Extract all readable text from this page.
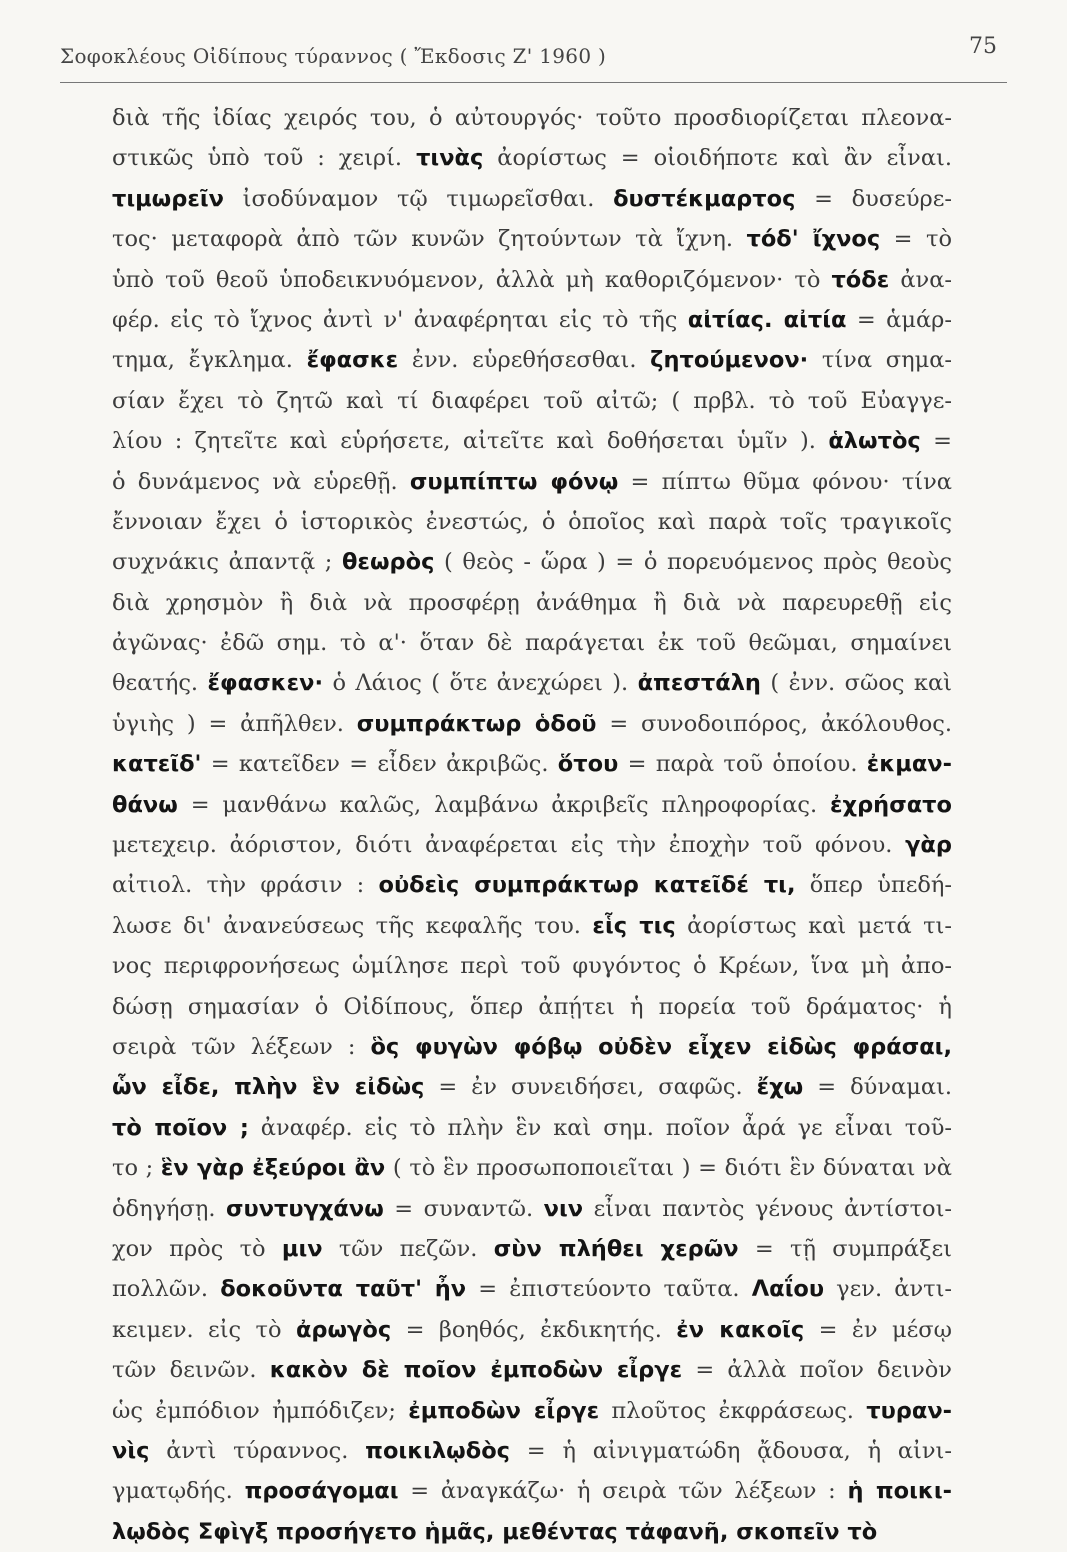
Σοφοκλέους Οἰδίπους τύραννος ( Ἔκδοσις Ζ' 1960 )	75
διὰ τῆς ἰδίας χειρός του, ὁ αὐτουργός· τοῦτο προσδιορίζεται πλεονα-
στικῶς ὑπὸ τοῦ : χειρί. τινὰς ἀορίστως = οἱοιδήποτε καὶ ἂν εἶναι.
τιμωρεῖν ἰσοδύναμον τῷ τιμωρεῖσθαι. δυστέκμαρτος = δυσεύρε-
τος· μεταφορὰ ἀπὸ τῶν κυνῶν ζητούντων τὰ ἴχνη. τόδ' ἴχνος = τὸ
ὑπὸ τοῦ θεοῦ ὑποδεικνυόμενον, ἀλλὰ μὴ καθοριζόμενον· τὸ τόδε ἀνα-
φέρ. εἰς τὸ ἴχνος ἀντὶ ν' ἀναφέρηται εἰς τὸ τῆς αἰτίας. αἰτία = ἁμάρ-
τημα, ἔγκλημα. ἔφασκε ἐνν. εὑρεθήσεσθαι. ζητούμενον· τίνα σημα-
σίαν ἔχει τὸ ζητῶ καὶ τί διαφέρει τοῦ αἰτῶ; ( πρβλ. τὸ τοῦ Εὐαγγε-
λίου : ζητεῖτε καὶ εὑρήσετε, αἰτεῖτε καὶ δοθήσεται ὑμῖν ). ἁλωτὸς =
ὁ δυνάμενος νὰ εὑρεθῇ. συμπίπτω φόνῳ = πίπτω θῦμα φόνου· τίνα
ἔννοιαν ἔχει ὁ ἱστορικὸς ἐνεστώς, ὁ ὁποῖος καὶ παρὰ τοῖς τραγικοῖς
συχνάκις ἀπαντᾷ ; θεωρὸς ( θεὸς - ὥρα ) = ὁ πορευόμενος πρὸς θεοὺς
διὰ χρησμὸν ἢ διὰ νὰ προσφέρῃ ἀνάθημα ἢ διὰ νὰ παρευρεθῇ εἰς
ἀγῶνας· ἐδῶ σημ. τὸ α'· ὅταν δὲ παράγεται ἐκ τοῦ θεῶμαι, σημαίνει
θεατής. ἔφασκεν· ὁ Λάιος ( ὅτε ἀνεχώρει ). ἀπεστάλη ( ἐνν. σῶος καὶ
ὑγιὴς ) = ἀπῆλθεν. συμπράκτωρ ὁδοῦ = συνοδοιπόρος, ἀκόλουθος.
κατεῖδ' = κατεῖδεν = εἶδεν ἀκριβῶς. ὅτου = παρὰ τοῦ ὁποίου. ἐκμαν-
θάνω = μανθάνω καλῶς, λαμβάνω ἀκριβεῖς πληροφορίας. ἐχρήσατο
μετεχειρ. ἀόριστον, διότι ἀναφέρεται εἰς τὴν ἐποχὴν τοῦ φόνου. γὰρ
αἰτιολ. τὴν φράσιν : οὐδεὶς συμπράκτωρ κατεῖδέ τι, ὅπερ ὑπεδή-
λωσε δι' ἀνανεύσεως τῆς κεφαλῆς του. εἷς τις ἀορίστως καὶ μετά τι-
νος περιφρονήσεως ὡμίλησε περὶ τοῦ φυγόντος ὁ Κρέων, ἵνα μὴ ἀπο-
δώσῃ σημασίαν ὁ Οἰδίπους, ὅπερ ἀπῄτει ἡ πορεία τοῦ δράματος· ἡ
σειρὰ τῶν λέξεων : ὃς φυγὼν φόβῳ οὐδὲν εἶχεν εἰδὼς φράσαι,
ὧν εἶδε, πλὴν ἓν εἰδὼς = ἐν συνειδήσει, σαφῶς. ἔχω = δύναμαι.
τὸ ποῖον ; ἀναφέρ. εἰς τὸ πλὴν ἓν καὶ σημ. ποῖον ἆρά γε εἶναι τοῦ-
το ; ἓν γὰρ ἐξεύροι ἂν ( τὸ ἓν προσωποποιεῖται ) = διότι ἓν δύναται νὰ
ὁδηγήσῃ. συντυγχάνω = συναντῶ. νιν εἶναι παντὸς γένους ἀντίστοι-
χον πρὸς τὸ μιν τῶν πεζῶν. σὺν πλήθει χερῶν = τῇ συμπράξει
πολλῶν. δοκοῦντα ταῦτ' ἦν = ἐπιστεύοντο ταῦτα. Λαΐου γεν. ἀντι-
κειμεν. εἰς τὸ ἀρωγὸς = βοηθός, ἐκδικητής. ἐν κακοῖς = ἐν μέσῳ
τῶν δεινῶν. κακὸν δὲ ποῖον ἐμποδὼν εἶργε = ἀλλὰ ποῖον δεινὸν
ὡς ἐμπόδιον ἠμπόδιζεν; ἐμποδὼν εἶργε πλοῦτος ἐκφράσεως. τυραν-
νὶς ἀντὶ τύραννος. ποικιλῳδὸς = ἡ αἰνιγματώδη ᾄδουσα, ἡ αἰνι-
γματῳδής. προσάγομαι = ἀναγκάζω· ἡ σειρὰ τῶν λέξεων : ἡ ποικι-
λῳδὸς Σφὶγξ προσήγετο ἡμᾶς, μεθέντας τἀφανῆ, σκοπεῖν τὸ
